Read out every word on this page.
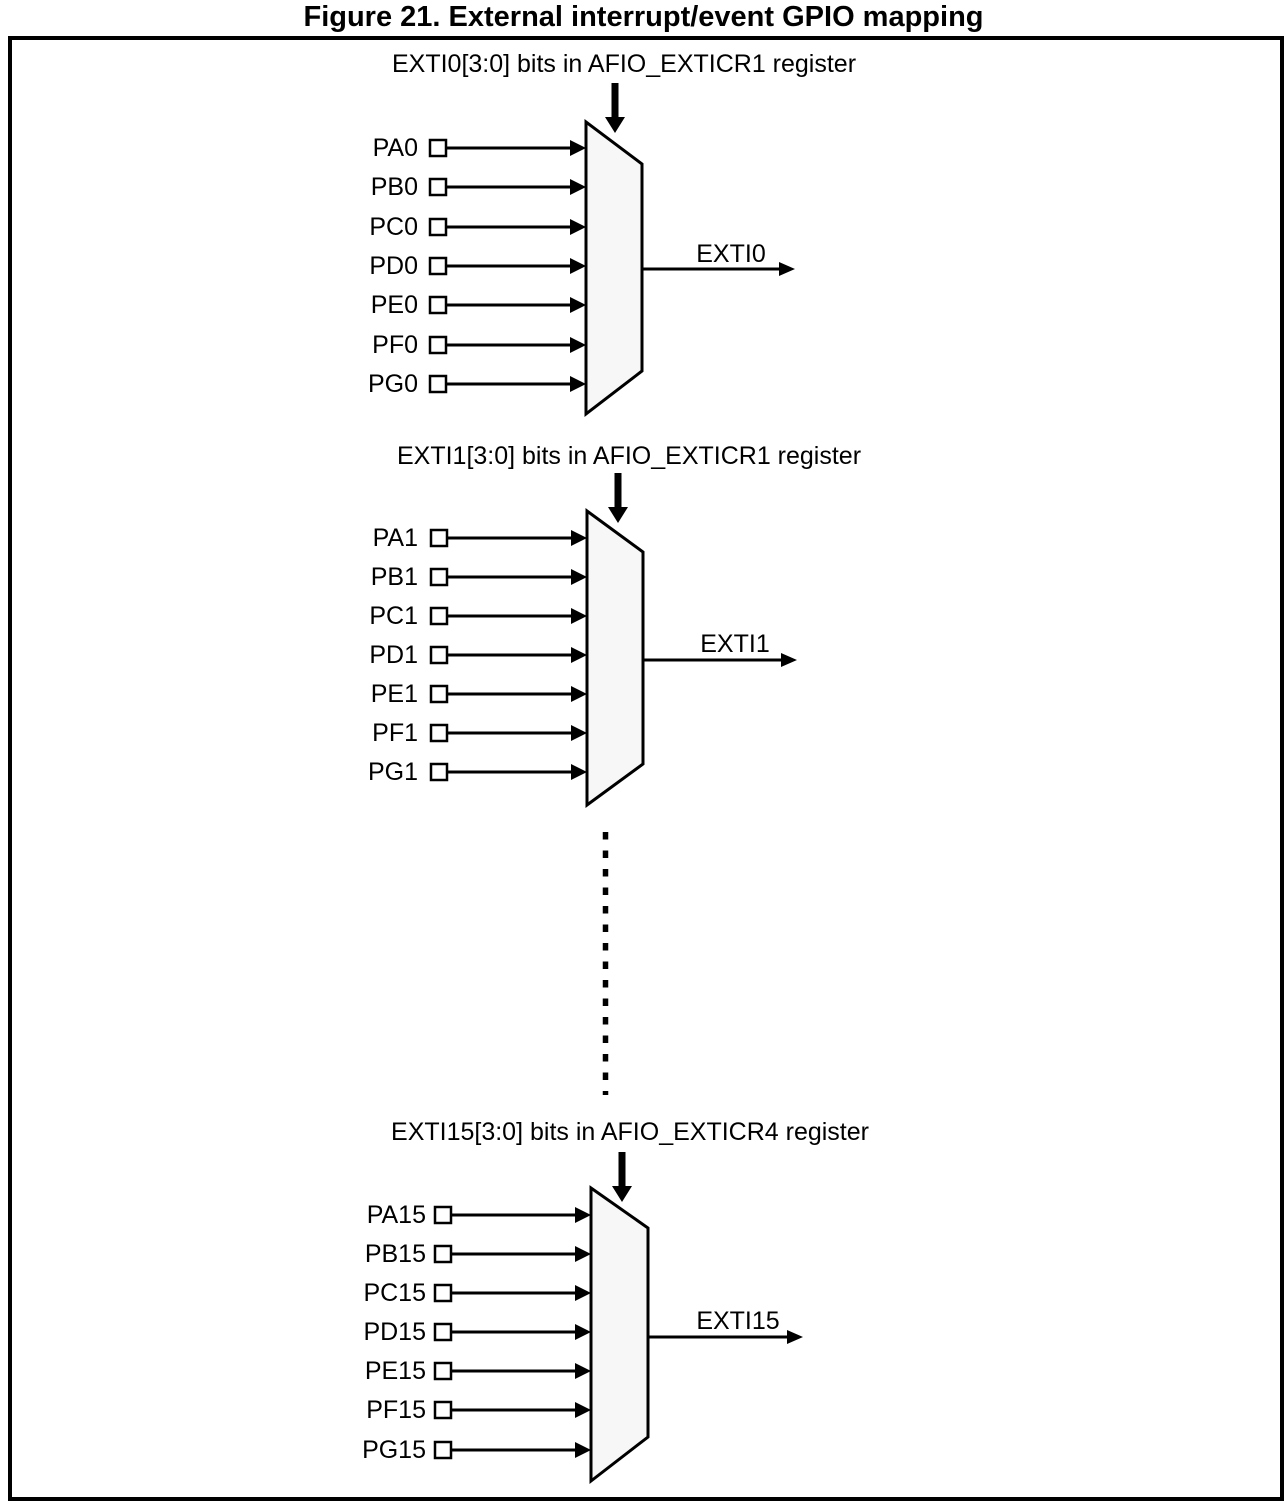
Figure 21. External interrupt/event GPIO mapping
EXTI0[3:0] bits in AFIO_EXTICR1 register
EXTI1[3:0] bits in AFIO_EXTICR1 register
EXTI15[3:0] bits in AFIO_EXTICR4 register
PA0
PB0
PC0
PD0
PE0
PF0
PG0
PA1
PB1
PC1
PD1
PE1
PF1
PG1
PA15
PB15
PC15
PD15
PE15
PF15
PG15
EXTI0
EXTI1
EXTI15
